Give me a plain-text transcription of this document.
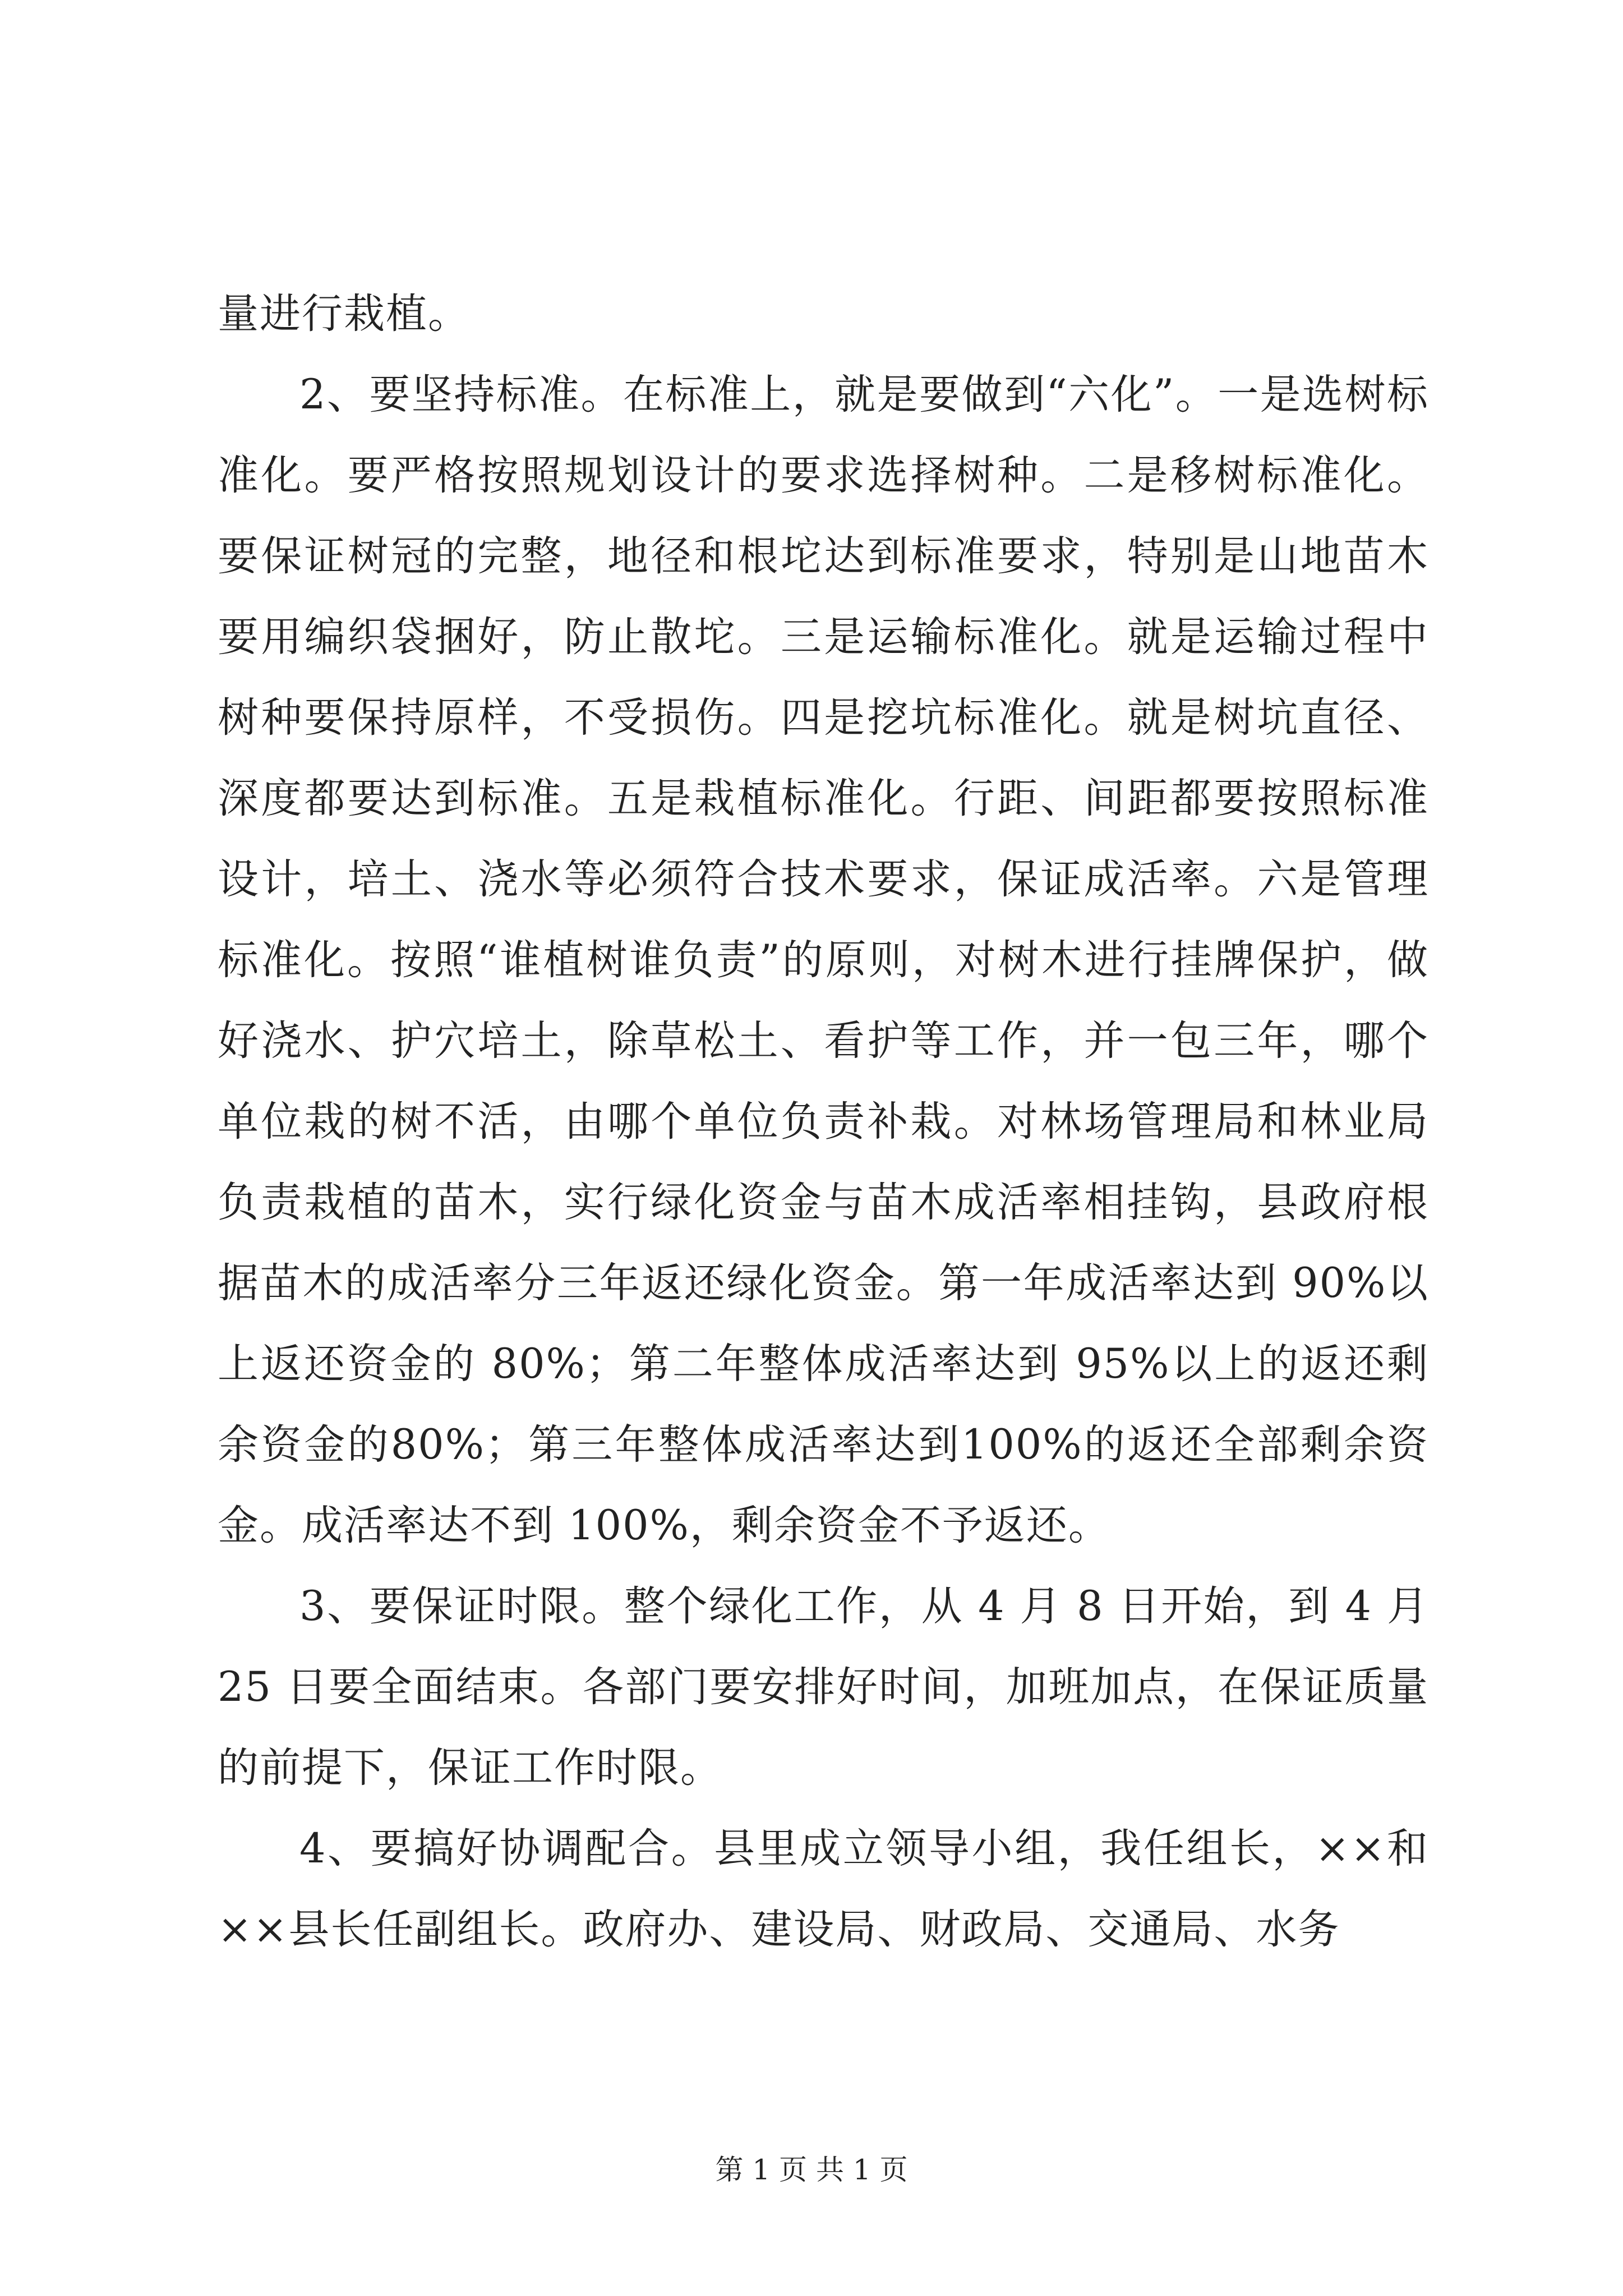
量进行栽植。

2、要坚持标准。在标准上，就是要做到“六化”。一是选树标准化。要严格按照规划设计的要求选择树种。二是移树标准化。要保证树冠的完整，地径和根坨达到标准要求，特别是山地苗木要用编织袋捆好，防止散坨。三是运输标准化。就是运输过程中树种要保持原样，不受损伤。四是挖坑标准化。就是树坑直径、深度都要达到标准。五是栽植标准化。行距、间距都要按照标准设计，培土、浇水等必须符合技术要求，保证成活率。六是管理标准化。按照“谁植树谁负责”的原则，对树木进行挂牌保护，做好浇水、护穴培土，除草松土、看护等工作，并一包三年，哪个单位栽的树不活，由哪个单位负责补栽。对林场管理局和林业局负责栽植的苗木，实行绿化资金与苗木成活率相挂钩，县政府根据苗木的成活率分三年返还绿化资金。第一年成活率达到 90%以上返还资金的 80%；第二年整体成活率达到 95%以上的返还剩余资金的80%；第三年整体成活率达到100%的返还全部剩余资金。成活率达不到 100%，剩余资金不予返还。

3、要保证时限。整个绿化工作，从 4 月 8 日开始，到 4 月 25 日要全面结束。各部门要安排好时间，加班加点，在保证质量的前提下，保证工作时限。

4、要搞好协调配合。县里成立领导小组，我任组长，××和××县长任副组长。政府办、建设局、财政局、交通局、水务

第 1 页 共 1 页
